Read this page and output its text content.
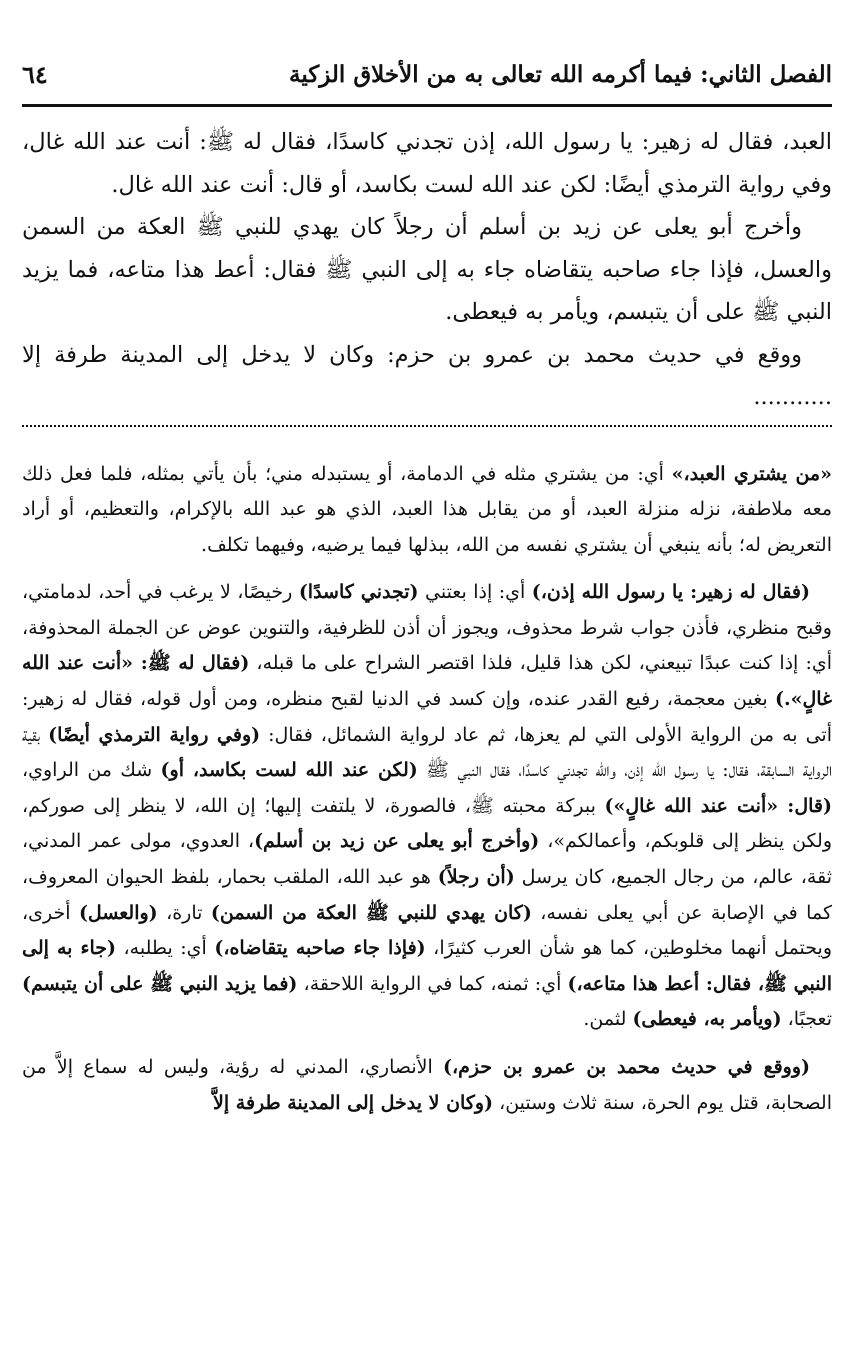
الفصل الثاني: فيما أكرمه الله تعالى به من الأخلاق الزكية
٦٤

العبد، فقال له زهير: يا رسول الله، إذن تجدني كاسدًا، فقال له ﷺ: أنت عند الله غال، وفي رواية الترمذي أيضًا: لكن عند الله لست بكاسد، أو قال: أنت عند الله غال.

وأخرج أبو يعلى عن زيد بن أسلم أن رجلاً كان يهدي للنبي ﷺ العكة من السمن والعسل، فإذا جاء صاحبه يتقاضاه جاء به إلى النبي ﷺ فقال: أعط هذا متاعه، فما يزيد النبي ﷺ على أن يتبسم، ويأمر به فيعطى.

ووقع في حديث محمد بن عمرو بن حزم: وكان لا يدخل إلى المدينة طرفة إلا ...........

«من يشتري العبد،» أي: من يشتري مثله في الدمامة، أو يستبدله مني؛ بأن يأتي بمثله، فلما فعل ذلك معه ملاطفة، نزله منزلة العبد، أو من يقابل هذا العبد، الذي هو عبد الله بالإكرام، والتعظيم، أو أراد التعريض له؛ بأنه ينبغي أن يشتري نفسه من الله، ببذلها فيما يرضيه، وفيهما تكلف.

(فقال له زهير: يا رسول الله إذن،) أي: إذا بعتني (تجدني كاسدًا) رخيصًا، لا يرغب في أحد، لدمامتي، وقبح منظري، فأذن جواب شرط محذوف، ويجوز أن أذن للظرفية، والتنوين عوض عن الجملة المحذوفة، أي: إذا كنت عبدًا تبيعني، لكن هذا قليل، فلذا اقتصر الشراح على ما قبله، (فقال له ﷺ: «أنت عند الله غالٍ».) بغين معجمة، رفيع القدر عنده، وإن كسد في الدنيا لقبح منظره، ومن أول قوله، فقال له زهير: أتى به من الرواية الأولى التي لم يعزها، ثم عاد لرواية الشمائل، فقال: (وفي رواية الترمذي أيضًا) بقية الرواية السابقة، فقال: يا رسول الله إذن، والله تجدني كاسدًا، فقال النبي ﷺ (لكن عند الله لست بكاسد، أو) شك من الراوي، (قال: «أنت عند الله غالٍ») ببركة محبته ﷺ، فالصورة، لا يلتفت إليها؛ إن الله، لا ينظر إلى صوركم، ولكن ينظر إلى قلوبكم، وأعمالكم»، (وأخرج أبو يعلى عن زيد بن أسلم)، العدوي، مولى عمر المدني، ثقة، عالم، من رجال الجميع، كان يرسل (أن رجلاً) هو عبد الله، الملقب بحمار، بلفظ الحيوان المعروف، كما في الإصابة عن أبي يعلى نفسه، (كان يهدي للنبي ﷺ العكة من السمن) تارة، (والعسل) أخرى، ويحتمل أنهما مخلوطين، كما هو شأن العرب كثيرًا، (فإذا جاء صاحبه يتقاضاه،) أي: يطلبه، (جاء به إلى النبي ﷺ، فقال: أعط هذا متاعه،) أي: ثمنه، كما في الرواية اللاحقة، (فما يزيد النبي ﷺ على أن يتبسم) تعجبًا، (ويأمر به، فيعطى) لثمن.

(ووقع في حديث محمد بن عمرو بن حزم،) الأنصاري، المدني له رؤية، وليس له سماع إلاَّ من الصحابة، قتل يوم الحرة، سنة ثلاث وستين، (وكان لا يدخل إلى المدينة طرفة إلاَّ
